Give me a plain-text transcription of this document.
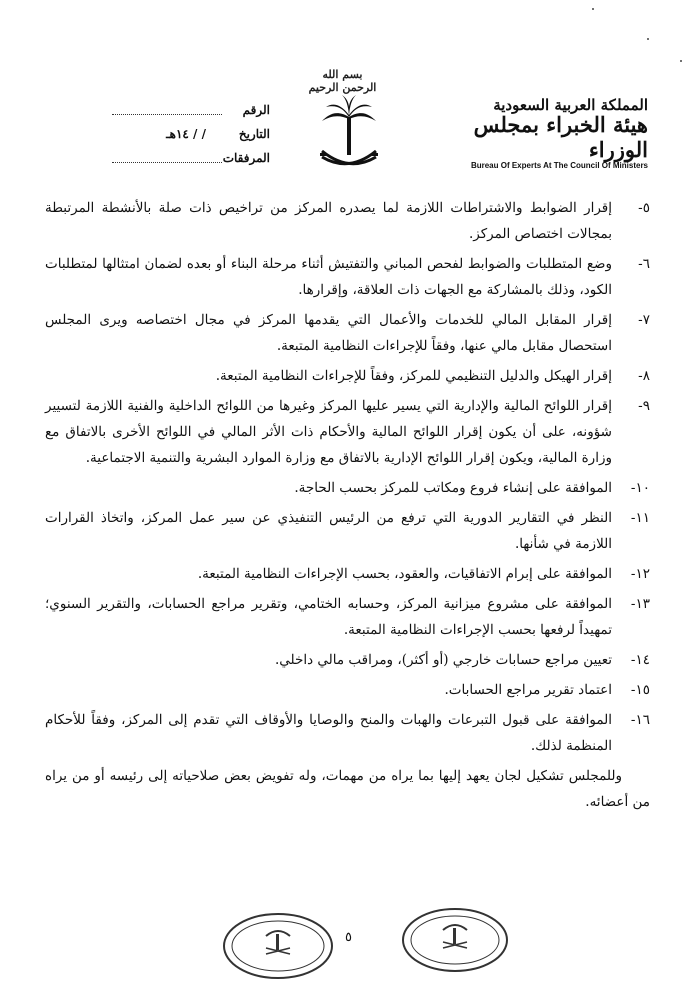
بسم الله الرحمن الرحيم
المملكة العربية السعودية
هيئة الخبراء بمجلس الوزراء
Bureau Of Experts At The Council Of Ministers
الرقم
التاريخ
/ / ١٤هـ
المرفقات
٥-
إقرار الضوابط والاشتراطات اللازمة لما يصدره المركز من تراخيص ذات صلة بالأنشطة المرتبطة بمجالات اختصاص المركز.
٦-
وضع المتطلبات والضوابط لفحص المباني والتفتيش أثناء مرحلة البناء أو بعده لضمان امتثالها لمتطلبات الكود، وذلك بالمشاركة مع الجهات ذات العلاقة، وإقرارها.
٧-
إقرار المقابل المالي للخدمات والأعمال التي يقدمها المركز في مجال اختصاصه ويرى المجلس استحصال مقابل مالي عنها، وفقاً للإجراءات النظامية المتبعة.
٨-
إقرار الهيكل والدليل التنظيمي للمركز، وفقاً للإجراءات النظامية المتبعة.
٩-
إقرار اللوائح المالية والإدارية التي يسير عليها المركز وغيرها من اللوائح الداخلية والفنية اللازمة لتسيير شؤونه، على أن يكون إقرار اللوائح المالية والأحكام ذات الأثر المالي في اللوائح الأخرى بالاتفاق مع وزارة المالية، ويكون إقرار اللوائح الإدارية بالاتفاق مع وزارة الموارد البشرية والتنمية الاجتماعية.
١٠-
الموافقة على إنشاء فروع ومكاتب للمركز بحسب الحاجة.
١١-
النظر في التقارير الدورية التي ترفع من الرئيس التنفيذي عن سير عمل المركز، واتخاذ القرارات اللازمة في شأنها.
١٢-
الموافقة على إبرام الاتفاقيات، والعقود، بحسب الإجراءات النظامية المتبعة.
١٣-
الموافقة على مشروع ميزانية المركز، وحسابه الختامي، وتقرير مراجع الحسابات، والتقرير السنوي؛ تمهيداً لرفعها بحسب الإجراءات النظامية المتبعة.
١٤-
تعيين مراجع حسابات خارجي (أو أكثر)، ومراقب مالي داخلي.
١٥-
اعتماد تقرير مراجع الحسابات.
١٦-
الموافقة على قبول التبرعات والهبات والمنح والوصايا والأوقاف التي تقدم إلى المركز، وفقاً للأحكام المنظمة لذلك.
وللمجلس تشكيل لجان يعهد إليها بما يراه من مهمات، وله تفويض بعض صلاحياته إلى رئيسه أو من يراه من أعضائه.
٥
